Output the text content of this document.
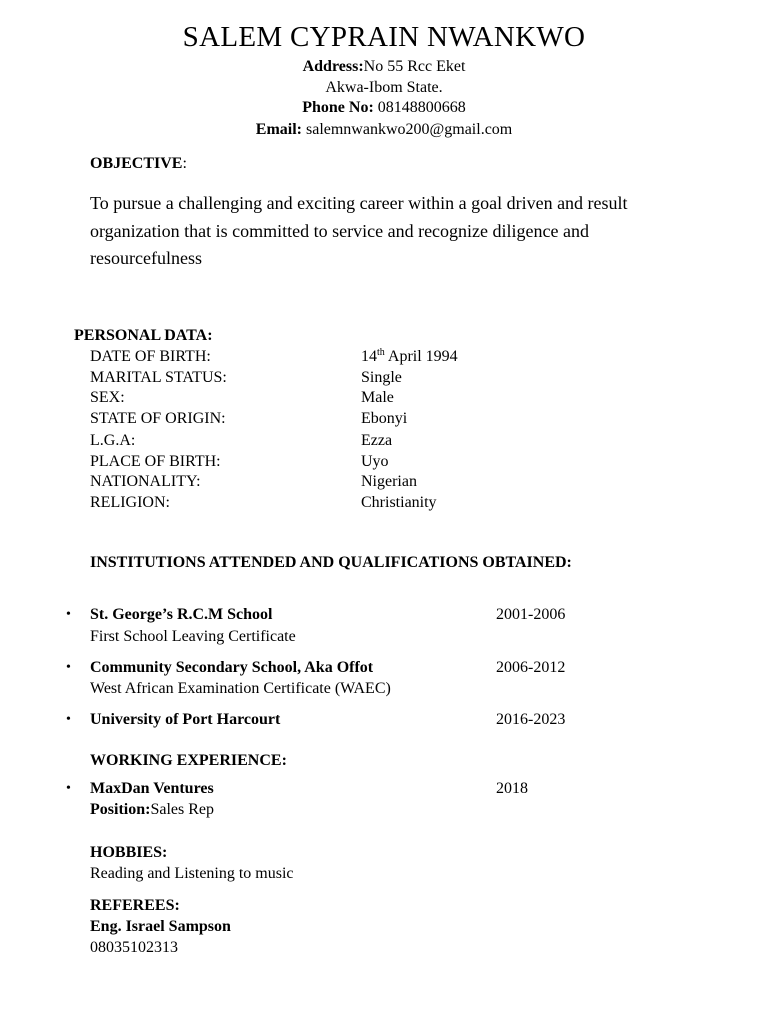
SALEM CYPRAIN NWANKWO
Address:No 55 Rcc Eket
Akwa-Ibom State.
Phone No: 08148800668
Email: salemnwankwo200@gmail.com
OBJECTIVE:
To pursue a challenging and exciting career within a goal driven and result organization that is committed to service and recognize diligence and resourcefulness
PERSONAL DATA:
DATE OF BIRTH:	14th April 1994
MARITAL STATUS:	Single
SEX:	Male
STATE OF ORIGIN:	Ebonyi
L.G.A:	Ezza
PLACE OF BIRTH:	Uyo
NATIONALITY:	Nigerian
RELIGION:	Christianity
INSTITUTIONS ATTENDED AND QUALIFICATIONS OBTAINED:
• St. George’s R.C.M School	2001-2006
First School Leaving Certificate
• Community Secondary School, Aka Offot	2006-2012
West African Examination Certificate (WAEC)
• University of Port Harcourt	2016-2023
WORKING EXPERIENCE:
• MaxDan Ventures	2018
Position:Sales Rep
HOBBIES:
Reading and Listening to music
REFEREES:
Eng. Israel Sampson
08035102313
